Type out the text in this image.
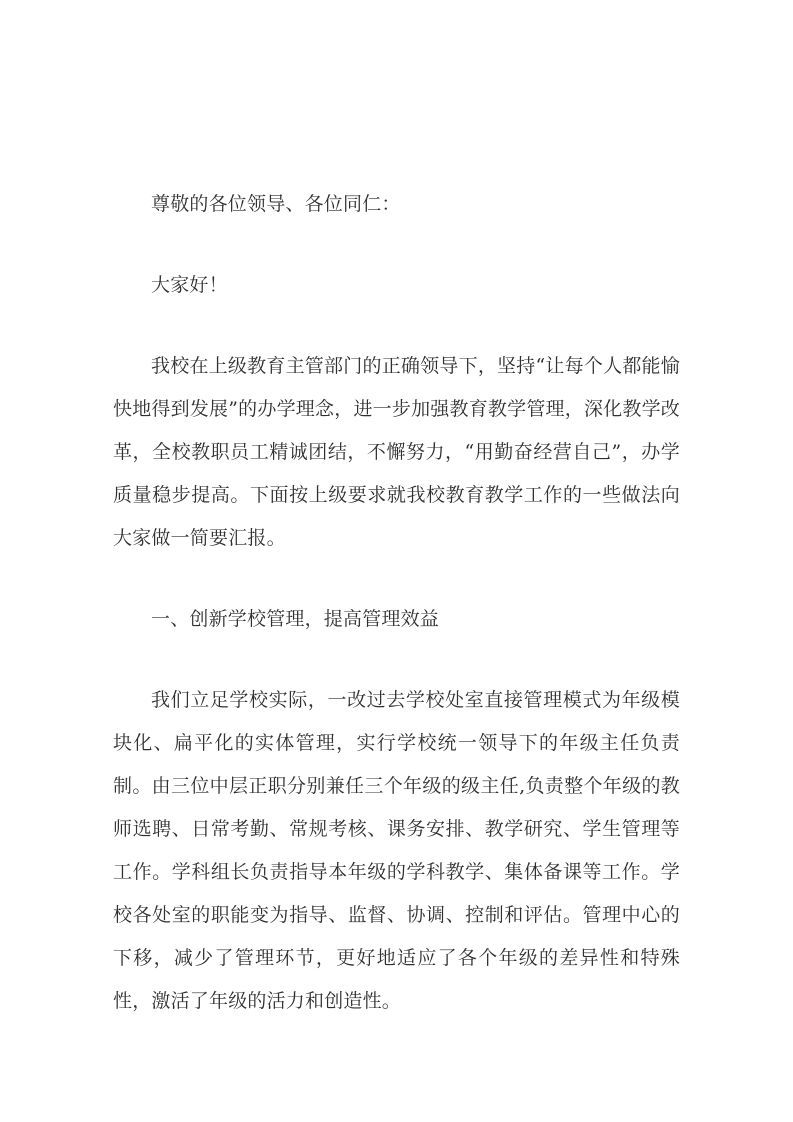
尊敬的各位领导、各位同仁：

大家好！

我校在上级教育主管部门的正确领导下，坚持“让每个人都能愉快地得到发展”的办学理念，进一步加强教育教学管理，深化教学改革，全校教职员工精诚团结，不懈努力，“用勤奋经营自己”，办学质量稳步提高。下面按上级要求就我校教育教学工作的一些做法向大家做一简要汇报。

一、创新学校管理，提高管理效益

我们立足学校实际，一改过去学校处室直接管理模式为年级模块化、扁平化的实体管理，实行学校统一领导下的年级主任负责制。由三位中层正职分别兼任三个年级的级主任,负责整个年级的教师选聘、日常考勤、常规考核、课务安排、教学研究、学生管理等工作。学科组长负责指导本年级的学科教学、集体备课等工作。学校各处室的职能变为指导、监督、协调、控制和评估。管理中心的下移，减少了管理环节，更好地适应了各个年级的差异性和特殊性，激活了年级的活力和创造性。
